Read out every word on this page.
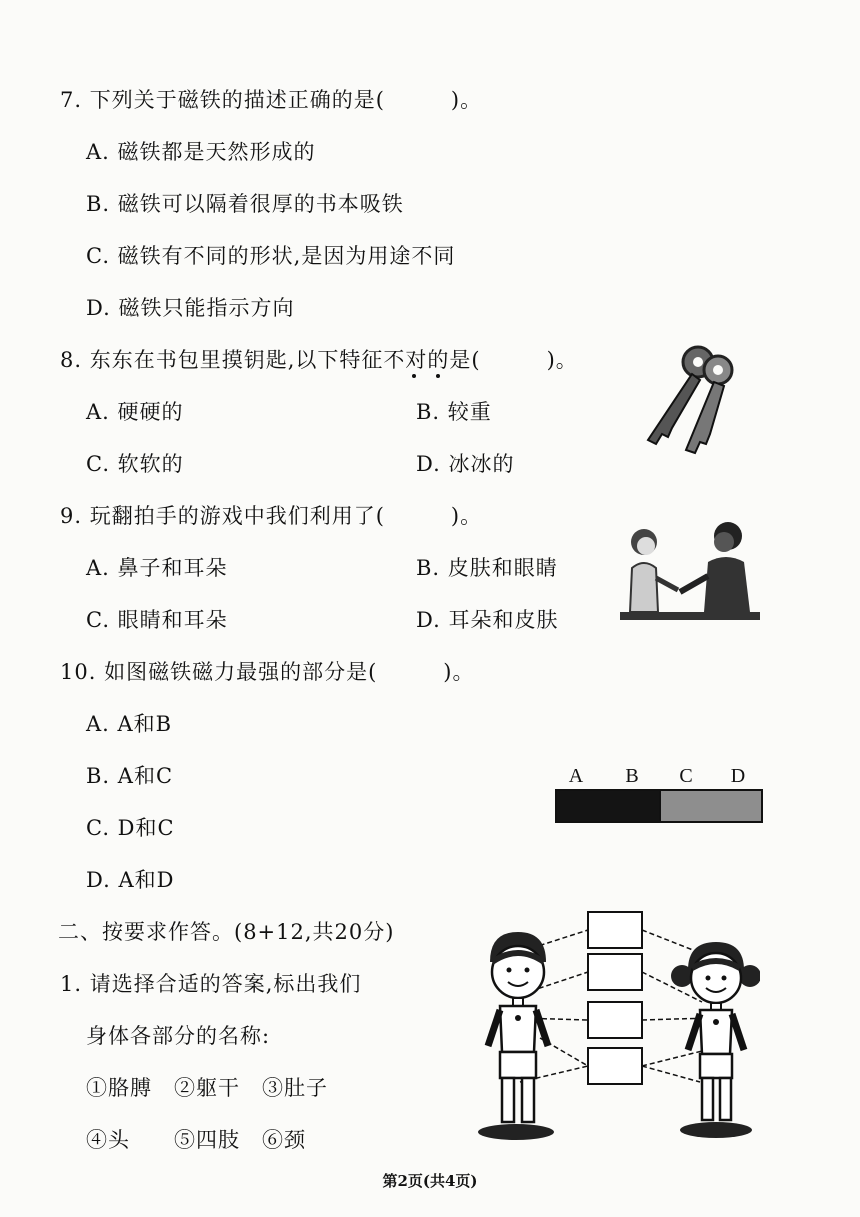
7. 下列关于磁铁的描述正确的是(　　　)。
A. 磁铁都是天然形成的
B. 磁铁可以隔着很厚的书本吸铁
C. 磁铁有不同的形状,是因为用途不同
D. 磁铁只能指示方向
8. 东东在书包里摸钥匙,以下特征不对的是(　　　)。
A. 硬硬的	B. 较重
C. 软软的	D. 冰冰的
9. 玩翻拍手的游戏中我们利用了(　　　)。
A. 鼻子和耳朵	B. 皮肤和眼睛
C. 眼睛和耳朵	D. 耳朵和皮肤
10. 如图磁铁磁力最强的部分是(　　　)。
A. A和B
B. A和C
C. D和C
D. A和D
A B C D
二、按要求作答。(8+12,共20分)
1. 请选择合适的答案,标出我们
身体各部分的名称:
①胳膊　②躯干　③肚子
④头　　⑤四肢　⑥颈
第2页(共4页)
